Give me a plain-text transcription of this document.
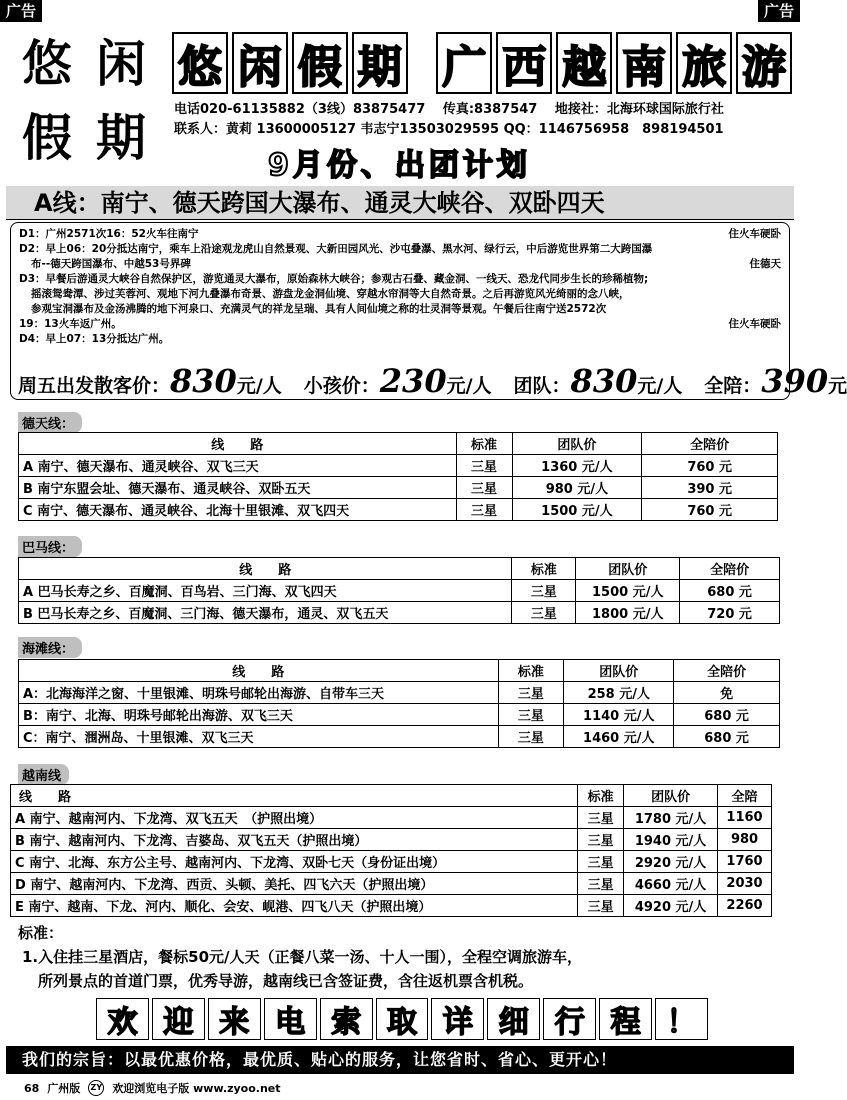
广告	广告
悠 闲
假 期
悠 闲 假 期 广 西 越 南 旅 游
电话020-61135882（3线）83875477　 传真:8387547　 地接社：北海环球国际旅行社
联系人：黄莉 13600005127 韦志宁13503029595 QQ：1146756958　898194501
9月份、出团计划
A线：南宁、德天跨国大瀑布、通灵大峡谷、双卧四天
D1：广州2571次16：52火车往南宁	住火车硬卧
D2：早上06：20分抵达南宁，乘车上沿途观龙虎山自然景观、大新田园风光、沙屯叠瀑、黑水河、绿行云，中后游览世界第二大跨国瀑
布--德天跨国瀑布、中越53号界碑	住德天
D3：早餐后游通灵大峡谷自然保护区，游览通灵大瀑布，原始森林大峡谷；参观古石叠、藏金洞、一线天、恐龙代同步生长的珍稀植物;
摇滚鸳鸯潭、涉过芙蓉河、观地下河九叠瀑布奇景、游盘龙金洞仙境、穿越水帘洞等大自然奇景。之后再游览风光绮丽的念八峡，
参观宝洞瀑布及金汤沸腾的地下河泉口、充满灵气的祥龙呈瑞、具有人间仙境之称的壮灵洞等景观。午餐后往南宁送2572次
19：13火车返广州。	住火车硬卧
D4：早上07：13分抵达广州。
周五出发散客价： 830 元/人 小孩价： 230 元/人 团队： 830 元/人 全陪： 390 元
德天线：
线　　路	标准	团队价	全陪价
A 南宁、德天瀑布、通灵峡谷、双飞三天	三星	1360 元/人	760 元
B 南宁东盟会址、德天瀑布、通灵峡谷、双卧五天	三星	980 元/人	390 元
C 南宁、德天瀑布、通灵峡谷、北海十里银滩、双飞四天	三星	1500 元/人	760 元
巴马线：
线　　路	标准	团队价	全陪价
A 巴马长寿之乡、百魔洞、百鸟岩、三门海、双飞四天	三星	1500 元/人	680 元
B 巴马长寿之乡、百魔洞、三门海、德天瀑布，通灵、双飞五天	三星	1800 元/人	720 元
海滩线：
线　　路	标准	团队价	全陪价
A：北海海洋之窗、十里银滩、明珠号邮轮出海游、自带车三天	三星	258 元/人	免
B：南宁、北海、明珠号邮轮出海游、双飞三天	三星	1140 元/人	680 元
C：南宁、涠洲岛、十里银滩、双飞三天	三星	1460 元/人	680 元
越南线
线　　路	标准	团队价	全陪
A 南宁、越南河内、下龙湾、双飞五天　（护照出境）	三星	1780 元/人	1160
B 南宁、越南河内、下龙湾、吉婆岛、双飞五天（护照出境）	三星	1940 元/人	980
C 南宁、北海、东方公主号、越南河内、下龙湾、双卧七天（身份证出境）	三星	2920 元/人	1760
D 南宁、越南河内、下龙湾、西贡、头顿、美托、四飞六天（护照出境）	三星	4660 元/人	2030
E 南宁、越南、下龙、河内、顺化、会安、岘港、四飞八天（护照出境）	三星	4920 元/人	2260
标准：
1.入住挂三星酒店，餐标50元/人天（正餐八菜一汤、十人一围），全程空调旅游车，
所列景点的首道门票，优秀导游，越南线已含签证费，含往返机票含机税。
欢 迎 来 电 索 取 详 细 行 程 ！
我们的宗旨：以最优惠价格，最优质、贴心的服务，让您省时、省心、更开心！
68 广州版 ZY 欢迎浏览电子版 www.zyoo.net
